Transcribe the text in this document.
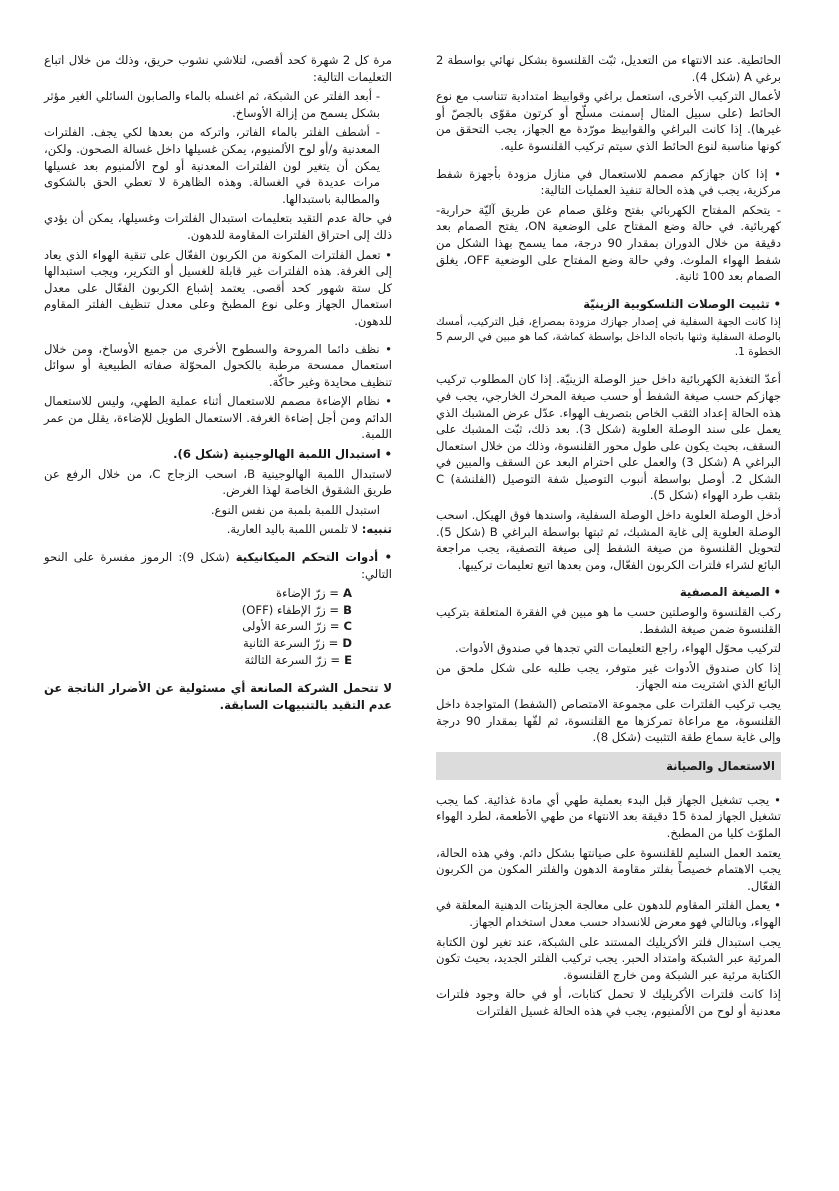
الحائطية. عند الانتهاء من التعديل، ثبّت القلنسوة بشكل نهائي بواسطة 2 برغي A (شكل 4).

لأعمال التركيب الأخرى، استعمل براغي وقوابيظ امتدادية تتناسب مع نوع الحائط (على سبيل المثال إسمنت مسلّح أو كرتون مقوّى بالجصّ أو غيرها). إذا كانت البراغي والقوابيظ مورّدة مع الجهاز، يجب التحقق من كونها مناسبة لنوع الحائط الذي سيتم تركيب القلنسوة عليه.

• إذا كان جهازكم مصمم للاستعمال في منازل مزودة بأجهزة شفط مركزية، يجب في هذه الحالة تنفيذ العمليات التالية:

- يتحكم المفتاح الكهربائي بفتح وغلق صمام عن طريق آليّة حرارية-كهربائية. في حالة وضع المفتاح على الوضعية ON، يفتح الصمام بعد دقيقة من خلال الدوران بمقدار 90 درجة، مما يسمح بهذا الشكل من شفط الهواء الملوث. وفي حالة وضع المفتاح على الوضعية OFF، يغلق الصمام بعد 100 ثانية.

• تثبيت الوصلات التلسكوبية الزينيّة

إذا كانت الجهة السفلية في إصدار جهازك مزودة بمصراع، قبل التركيب، أمسك بالوصلة السفلية وثنها باتجاه الداخل بواسطة كماشة، كما هو مبين في الرسم 5 الخطوة 1.

أعدّ التغذية الكهربائية داخل حيز الوصلة الزينيّة. إذا كان المطلوب تركيب جهازكم حسب صيغة الشفط أو حسب صيغة المحرك الخارجي، يجب في هذه الحالة إعداد الثقب الخاص بتصريف الهواء. عدّل عرض المشبك الذي يعمل على سند الوصلة العلوية (شكل 3). بعد ذلك، ثبّت المشبك على السقف، بحيث يكون على طول محور القلنسوة، وذلك من خلال استعمال البراغي A (شكل 3) والعمل على احترام البعد عن السقف والمبين في الشكل 2. أوصل بواسطة أنبوب التوصيل شفة التوصيل (الفلنشة) C بثقب طرد الهواء (شكل 5).

أدخل الوصلة العلوية داخل الوصلة السفلية، واسندها فوق الهيكل. اسحب الوصلة العلوية إلى غاية المشبك، ثم ثبتها بواسطة البراغي B (شكل 5). لتحويل القلنسوة من صيغة الشفط إلى صيغة التصفية، يجب مراجعة البائع لشراء فلترات الكربون الفعّال، ومن بعدها اتبع تعليمات تركيبها.

• الصيغة المصفية

ركب القلنسوة والوصلتين حسب ما هو مبين في الفقرة المتعلقة بتركيب القلنسوة ضمن صيغة الشفط.

لتركيب محوّل الهواء، راجع التعليمات التي تجدها في صندوق الأدوات.

إذا كان صندوق الأدوات غير متوفر، يجب طلبه على شكل ملحق من البائع الذي اشتريت منه الجهاز.

يجب تركيب الفلترات على مجموعة الامتصاص (الشفط) المتواجدة داخل القلنسوة، مع مراعاة تمركزها مع القلنسوة، ثم لفّها بمقدار 90 درجة وإلى غاية سماع طقة التثبيت (شكل 8).

الاستعمال والصيانة

• يجب تشغيل الجهاز قبل البدء بعملية طهي أي مادة غذائية. كما يجب تشغيل الجهاز لمدة 15 دقيقة بعد الانتهاء من طهي الأطعمة، لطرد الهواء الملوّث كليا من المطبخ.

يعتمد العمل السليم للقلنسوة على صيانتها بشكل دائم. وفي هذه الحالة، يجب الاهتمام خصيصاً بفلتر مقاومة الدهون والفلتر المكون من الكربون الفعّال.

• يعمل الفلتر المقاوم للدهون على معالجة الجزيئات الدهنية المعلقة في الهواء، وبالتالي فهو معرض للانسداد حسب معدل استخدام الجهاز.

يجب استبدال فلتر الأكريليك المستند على الشبكة، عند تغير لون الكتابة المرئية عبر الشبكة وامتداد الحبر. يجب تركيب الفلتر الجديد، بحيث تكون الكتابة مرئية عبر الشبكة ومن خارج القلنسوة.

إذا كانت فلترات الأكريليك لا تحمل كتابات، أو في حالة وجود فلترات معدنية أو لوح من الألمنيوم، يجب في هذه الحالة غسيل الفلترات

مرة كل 2 شهرة كحد أقصى، لتلاشي نشوب حريق، وذلك من خلال اتباع التعليمات التالية:

- أبعد الفلتر عن الشبكة، ثم اغسله بالماء والصابون السائلي الغير مؤثر بشكل يسمح من إزالة الأوساخ.

- أشطف الفلتر بالماء الفاتر، واتركه من بعدها لكي يجف. الفلترات المعدنية و/أو لوح الألمنيوم، يمكن غسيلها داخل غسالة الصحون. ولكن، يمكن أن يتغير لون الفلترات المعدنية أو لوح الألمنيوم بعد غسيلها مرات عديدة في الغسالة. وهذه الظاهرة لا تعطي الحق بالشكوى والمطالبة باستبدالها.

في حالة عدم التقيد بتعليمات استبدال الفلترات وغسيلها، يمكن أن يؤدي ذلك إلى احتراق الفلترات المقاومة للدهون.

• تعمل الفلترات المكونة من الكربون الفعّال على تنقية الهواء الذي يعاد إلى الغرفة. هذه الفلترات غير قابلة للغسيل أو التكرير، ويجب استبدالها كل ستة شهور كحد أقصى. يعتمد إشباع الكربون الفعّال على معدل استعمال الجهاز وعلى نوع المطبخ وعلى معدل تنظيف الفلتر المقاوم للدهون.

• نظف دائما المروحة والسطوح الأخرى من جميع الأوساخ، ومن خلال استعمال ممسحة مرطبة بالكحول المحوّلة صفاته الطبيعية أو سوائل تنظيف محايدة وغير حاكّة.

• نظام الإضاءة مصمم للاستعمال أثناء عملية الطهي، وليس للاستعمال الدائم ومن أجل إضاءة الغرفة. الاستعمال الطويل للإضاءة، يقلل من عمر اللمبة.

• استبدال اللمبة الهالوجينية (شكل 6).

لاستبدال اللمبة الهالوجينية B، اسحب الزجاج C، من خلال الرفع عن طريق الشقوق الخاصة لهذا الغرض.

استبدل اللمبة بلمبة من نفس النوع.

تنبيه: لا تلمس اللمبة باليد العارية.

• أدوات التحكم الميكانيكية (شكل 9): الرموز مفسرة على النحو التالي:

A= زرّ الإضاءة
B= زرّ الإطفاء (OFF)
C= زرّ السرعة الأولى
D= زرّ السرعة الثانية
E= زرّ السرعة الثالثة

لا تتحمل الشركة الصانعة أي مسئولية عن الأضرار الناتجة عن عدم التقيد بالتنبيهات السابقة.
